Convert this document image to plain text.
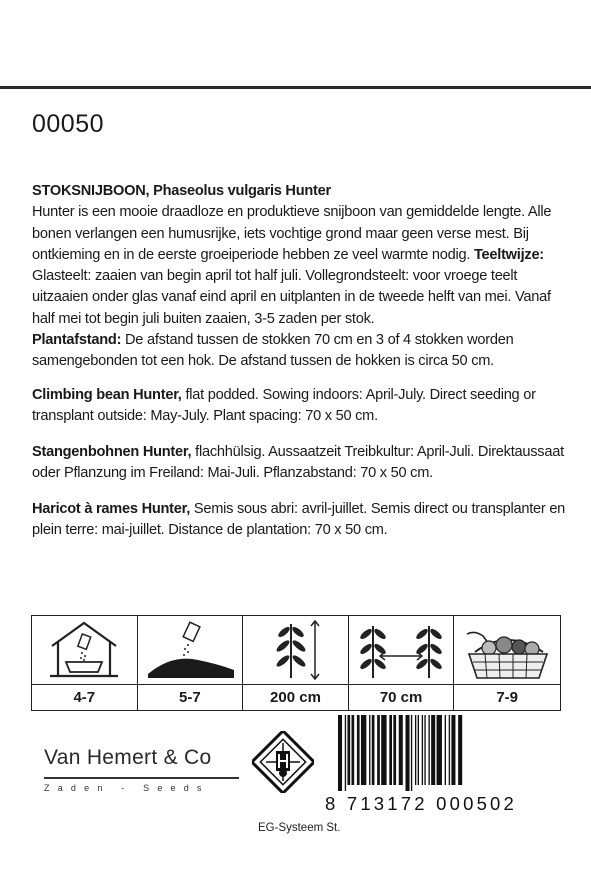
00050

STOKSNIJBOON, Phaseolus vulgaris Hunter

Hunter is een mooie draadloze en produktieve snijboon van gemiddelde lengte. Alle bonen verlangen een humusrijke, iets vochtige grond maar geen verse mest. Bij ontkieming en in de eerste groeiperiode hebben ze veel warmte nodig. Teeltwijze: Glasteelt: zaaien van begin april tot half juli. Vollegrondsteelt: voor vroege teelt uitzaaien onder glas vanaf eind april en uitplanten in de tweede helft van mei. Vanaf half mei tot begin juli buiten zaaien, 3-5 zaden per stok.

Plantafstand: De afstand tussen de stokken 70 cm en 3 of 4 stokken worden samengebonden tot een hok. De afstand tussen de hokken is circa 50 cm.

Climbing bean Hunter, flat podded. Sowing indoors: April-July. Direct seeding or transplant outside: May-July. Plant spacing: 70 x 50 cm.

Stangenbohnen Hunter, flachhülsig. Aussaatzeit Treibkultur: April-Juli. Direktaussaat oder Pflanzung im Freiland: Mai-Juli. Pflanzabstand: 70 x 50 cm.

Haricot à rames Hunter, Semis sous abri: avril-juillet. Semis direct ou transplanter en plein terre: mai-juillet. Distance de plantation: 70 x 50 cm.

4-7	5-7	200 cm	70 cm	7-9
Van Hemert & Co
Zaden - Seeds
8 713172 000502
EG-Systeem St.
